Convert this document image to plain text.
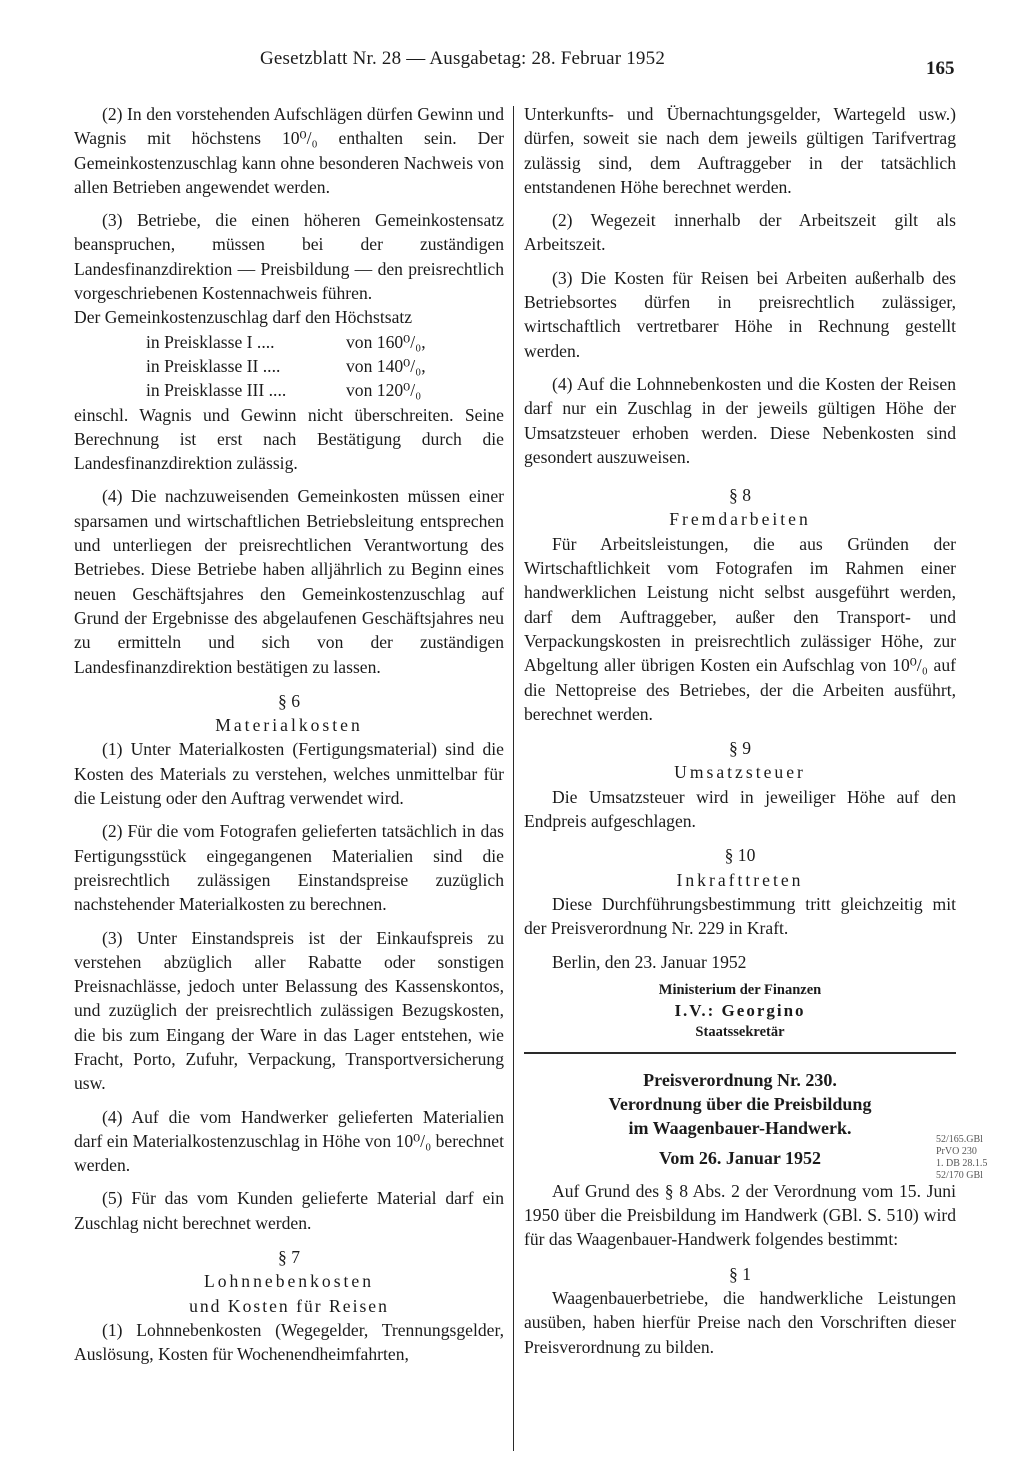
Gesetzblatt Nr. 28 — Ausgabetag: 28. Februar 1952	165

(2) In den vorstehenden Aufschlägen dürfen Gewinn und Wagnis mit höchstens 10⁰/₀ enthalten sein. Der Gemeinkostenzuschlag kann ohne besonderen Nachweis von allen Betrieben angewendet werden.

(3) Betriebe, die einen höheren Gemeinkostensatz beanspruchen, müssen bei der zuständigen Landesfinanzdirektion — Preisbildung — den preisrechtlich vorgeschriebenen Kostennachweis führen.

Der Gemeinkostenzuschlag darf den Höchstsatz

in Preisklasse I ....	von 160⁰/₀,
in Preisklasse II ....	von 140⁰/₀,
in Preisklasse III ....	von 120⁰/₀

einschl. Wagnis und Gewinn nicht überschreiten. Seine Berechnung ist erst nach Bestätigung durch die Landesfinanzdirektion zulässig.

(4) Die nachzuweisenden Gemeinkosten müssen einer sparsamen und wirtschaftlichen Betriebsleitung entsprechen und unterliegen der preisrechtlichen Verantwortung des Betriebes. Diese Betriebe haben alljährlich zu Beginn eines neuen Geschäftsjahres den Gemeinkostenzuschlag auf Grund der Ergebnisse des abgelaufenen Geschäftsjahres neu zu ermitteln und sich von der zuständigen Landesfinanzdirektion bestätigen zu lassen.

§ 6
Materialkosten

(1) Unter Materialkosten (Fertigungsmaterial) sind die Kosten des Materials zu verstehen, welches unmittelbar für die Leistung oder den Auftrag verwendet wird.

(2) Für die vom Fotografen gelieferten tatsächlich in das Fertigungsstück eingegangenen Materialien sind die preisrechtlich zulässigen Einstandspreise zuzüglich nachstehender Materialkosten zu berechnen.

(3) Unter Einstandspreis ist der Einkaufspreis zu verstehen abzüglich aller Rabatte oder sonstigen Preisnachlässe, jedoch unter Belassung des Kassenskontos, und zuzüglich der preisrechtlich zulässigen Bezugskosten, die bis zum Eingang der Ware in das Lager entstehen, wie Fracht, Porto, Zufuhr, Verpackung, Transportversicherung usw.

(4) Auf die vom Handwerker gelieferten Materialien darf ein Materialkostenzuschlag in Höhe von 10⁰/₀ berechnet werden.

(5) Für das vom Kunden gelieferte Material darf ein Zuschlag nicht berechnet werden.

§ 7
Lohnnebenkosten
und Kosten für Reisen

(1) Lohnnebenkosten (Wegegelder, Trennungsgelder, Auslösung, Kosten für Wochenendheimfahrten,

Unterkunfts- und Übernachtungsgelder, Wartegeld usw.) dürfen, soweit sie nach dem jeweils gültigen Tarifvertrag zulässig sind, dem Auftraggeber in der tatsächlich entstandenen Höhe berechnet werden.

(2) Wegezeit innerhalb der Arbeitszeit gilt als Arbeitszeit.

(3) Die Kosten für Reisen bei Arbeiten außerhalb des Betriebsortes dürfen in preisrechtlich zulässiger, wirtschaftlich vertretbarer Höhe in Rechnung gestellt werden.

(4) Auf die Lohnnebenkosten und die Kosten der Reisen darf nur ein Zuschlag in der jeweils gültigen Höhe der Umsatzsteuer erhoben werden. Diese Nebenkosten sind gesondert auszuweisen.

§ 8
Fremdarbeiten

Für Arbeitsleistungen, die aus Gründen der Wirtschaftlichkeit vom Fotografen im Rahmen einer handwerklichen Leistung nicht selbst ausgeführt werden, darf dem Auftraggeber, außer den Transport- und Verpackungskosten in preisrechtlich zulässiger Höhe, zur Abgeltung aller übrigen Kosten ein Aufschlag von 10⁰/₀ auf die Nettopreise des Betriebes, der die Arbeiten ausführt, berechnet werden.

§ 9
Umsatzsteuer

Die Umsatzsteuer wird in jeweiliger Höhe auf den Endpreis aufgeschlagen.

§ 10
Inkrafttreten

Diese Durchführungsbestimmung tritt gleichzeitig mit der Preisverordnung Nr. 229 in Kraft.

Berlin, den 23. Januar 1952

Ministerium der Finanzen
I.V.: Georgino
Staatssekretär
Preisverordnung Nr. 230.
Verordnung über die Preisbildung
im Waagenbauer-Handwerk.
Vom 26. Januar 1952

Auf Grund des § 8 Abs. 2 der Verordnung vom 15. Juni 1950 über die Preisbildung im Handwerk (GBl. S. 510) wird für das Waagenbauer-Handwerk folgendes bestimmt:

§ 1

Waagenbauerbetriebe, die handwerkliche Leistungen ausüben, haben hierfür Preise nach den Vorschriften dieser Preisverordnung zu bilden.

52/165.GBl
PrVO 230
1. DB 28.1.5
52/170 GBl
